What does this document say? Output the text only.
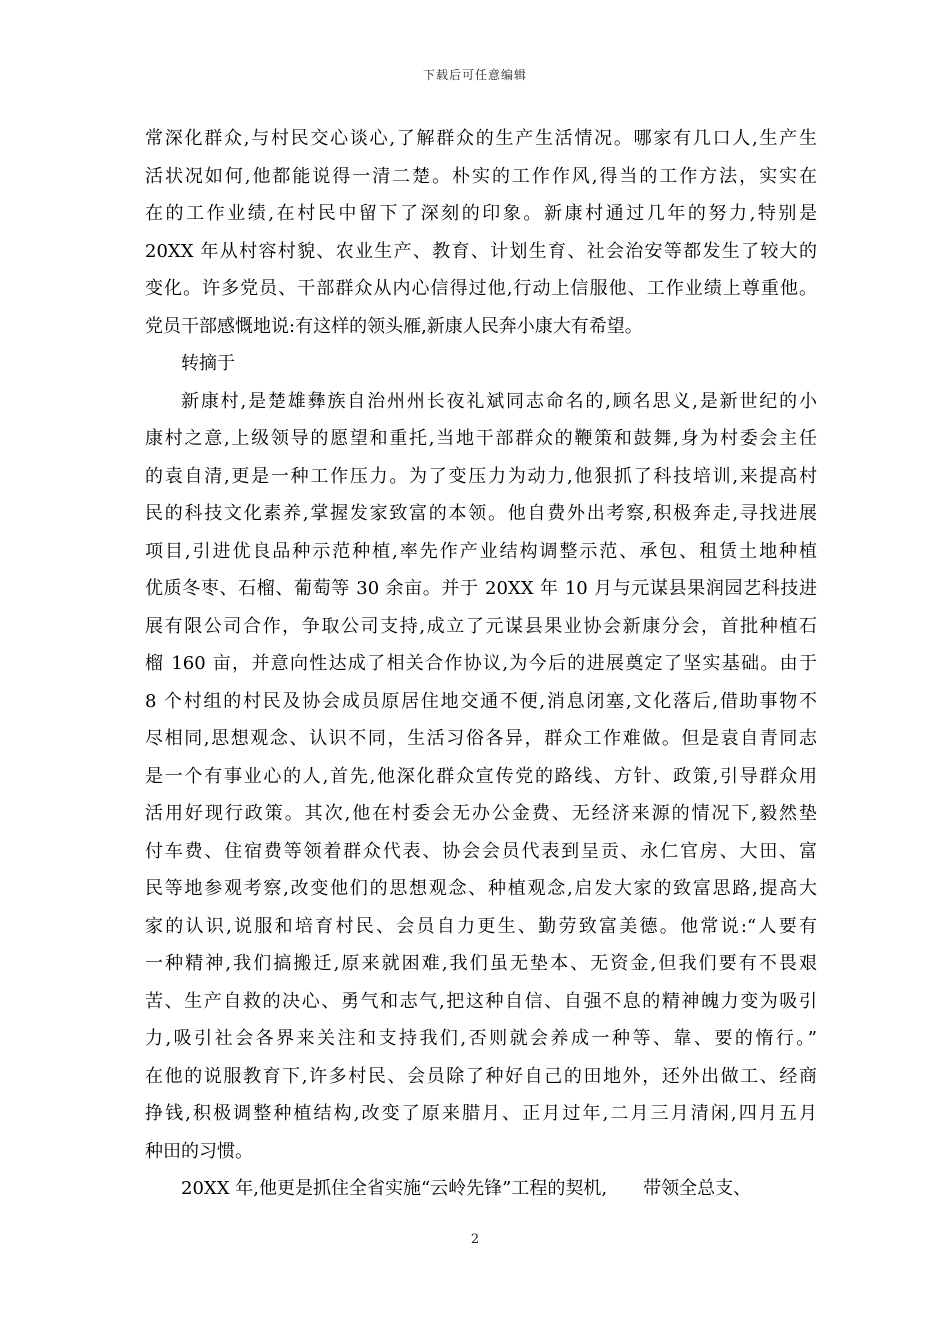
下载后可任意编辑
常深化群众,与村民交心谈心,了解群众的生产生活情况。哪家有几口人,生产生
活状况如何,他都能说得一清二楚。朴实的工作作风,得当的工作方法，实实在
在的工作业绩,在村民中留下了深刻的印象。新康村通过几年的努力,特别是
20XX 年从村容村貌、农业生产、教育、计划生育、社会治安等都发生了较大的
变化。许多党员、干部群众从内心信得过他,行动上信服他、工作业绩上尊重他。
党员干部感慨地说:有这样的领头雁,新康人民奔小康大有希望。
转摘于
新康村,是楚雄彝族自治州州长夜礼斌同志命名的,顾名思义,是新世纪的小
康村之意,上级领导的愿望和重托,当地干部群众的鞭策和鼓舞,身为村委会主任
的袁自清,更是一种工作压力。为了变压力为动力,他狠抓了科技培训,来提高村
民的科技文化素养,掌握发家致富的本领。他自费外出考察,积极奔走,寻找进展
项目,引进优良品种示范种植,率先作产业结构调整示范、承包、租赁土地种植
优质冬枣、石榴、葡萄等 30 余亩。并于 20XX 年 10 月与元谋县果润园艺科技进
展有限公司合作，争取公司支持,成立了元谋县果业协会新康分会，首批种植石
榴 160 亩，并意向性达成了相关合作协议,为今后的进展奠定了坚实基础。由于
8 个村组的村民及协会成员原居住地交通不便,消息闭塞,文化落后,借助事物不
尽相同,思想观念、认识不同，生活习俗各异，群众工作难做。但是袁自青同志
是一个有事业心的人,首先,他深化群众宣传党的路线、方针、政策,引导群众用
活用好现行政策。其次,他在村委会无办公金费、无经济来源的情况下,毅然垫
付车费、住宿费等领着群众代表、协会会员代表到呈贡、永仁官房、大田、富
民等地参观考察,改变他们的思想观念、种植观念,启发大家的致富思路,提高大
家的认识,说服和培育村民、会员自力更生、勤劳致富美德。他常说:“人要有
一种精神,我们搞搬迁,原来就困难,我们虽无垫本、无资金,但我们要有不畏艰
苦、生产自救的决心、勇气和志气,把这种自信、自强不息的精神魄力变为吸引
力,吸引社会各界来关注和支持我们,否则就会养成一种等、靠、要的惰行。”
在他的说服教育下,许多村民、会员除了种好自己的田地外，还外出做工、经商
挣钱,积极调整种植结构,改变了原来腊月、正月过年,二月三月清闲,四月五月
种田的习惯。
20XX 年,他更是抓住全省实施“云岭先锋”工程的契机,　　带领全总支、
2
